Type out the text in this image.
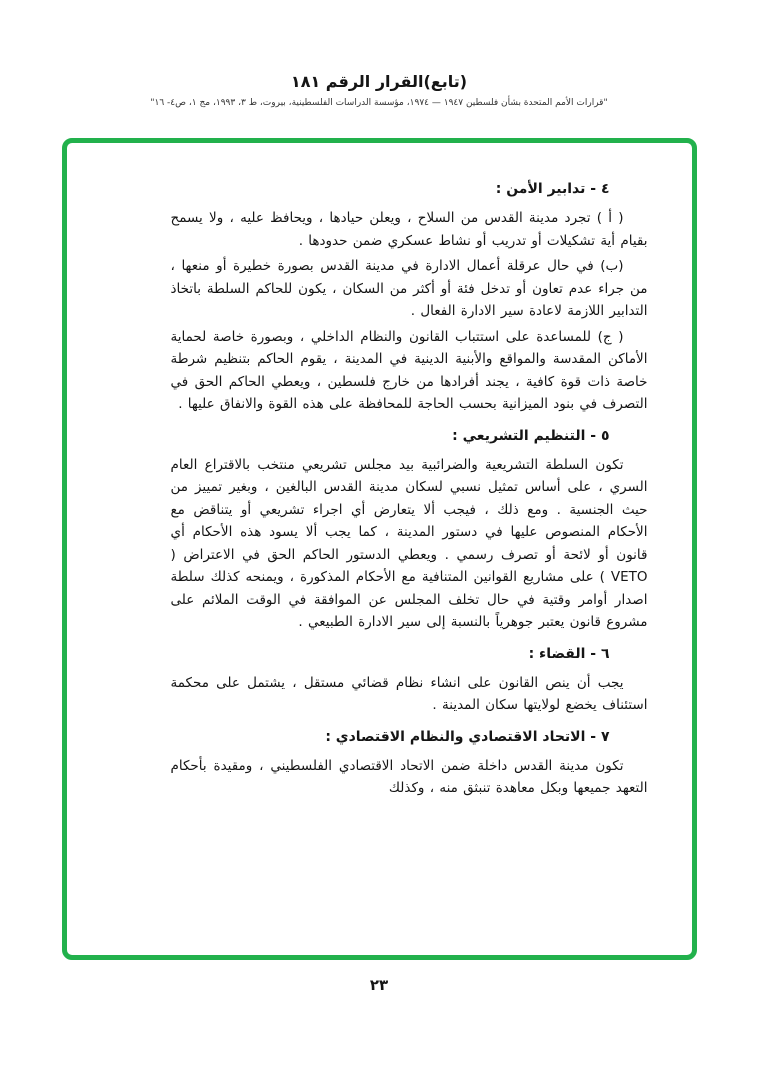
(تابع)القرار الرقم ١٨١
"قرارات الأمم المتحدة بشأن فلسطين ١٩٤٧ — ١٩٧٤، مؤسسة الدراسات الفلسطينية، بيروت، ط ٣، ١٩٩٣، مج ١، ص٤- ١٦"
٤ - تدابير الأمن :

( أ ) تجرد مدينة القدس من السلاح ، ويعلن حيادها ، ويحافظ عليه ، ولا يسمح بقيام أية تشكيلات أو تدريب أو نشاط عسكري ضمن حدودها .

(ب) في حال عرقلة أعمال الادارة في مدينة القدس بصورة خطيرة أو منعها ، من جراء عدم تعاون أو تدخل فئة أو أكثر من السكان ، يكون للحاكم السلطة باتخاذ التدابير اللازمة لاعادة سير الادارة الفعال .

( ج) للمساعدة على استتباب القانون والنظام الداخلي ، وبصورة خاصة لحماية الأماكن المقدسة والمواقع والأبنية الدينية في المدينة ، يقوم الحاكم بتنظيم شرطة خاصة ذات قوة كافية ، يجند أفرادها من خارج فلسطين ، ويعطي الحاكم الحق في التصرف في بنود الميزانية بحسب الحاجة للمحافظة على هذه القوة والانفاق عليها .

٥ - التنظيم التشريعي :

تكون السلطة التشريعية والضرائبية بيد مجلس تشريعي منتخب بالاقتراع العام السري ، على أساس تمثيل نسبي لسكان مدينة القدس البالغين ، وبغير تمييز من حيث الجنسية . ومع ذلك ، فيجب ألا يتعارض أي اجراء تشريعي أو يتناقض مع الأحكام المنصوص عليها في دستور المدينة ، كما يجب ألا يسود هذه الأحكام أي قانون أو لائحة أو تصرف رسمي . ويعطي الدستور الحاكم الحق في الاعتراض ( VETO ) على مشاريع القوانين المتنافية مع الأحكام المذكورة ، ويمنحه كذلك سلطة اصدار أوامر وقتية في حال تخلف المجلس عن الموافقة في الوقت الملائم على مشروع قانون يعتبر جوهرياً بالنسبة إلى سير الادارة الطبيعي .

٦ - القضاء :

يجب أن ينص القانون على انشاء نظام قضائي مستقل ، يشتمل على محكمة استئناف يخضع لولايتها سكان المدينة .

٧ - الاتحاد الاقتصادي والنظام الاقتصادي :

تكون مدينة القدس داخلة ضمن الاتحاد الاقتصادي الفلسطيني ، ومقيدة بأحكام التعهد جميعها وبكل معاهدة تنبثق منه ، وكذلك

٢٣
